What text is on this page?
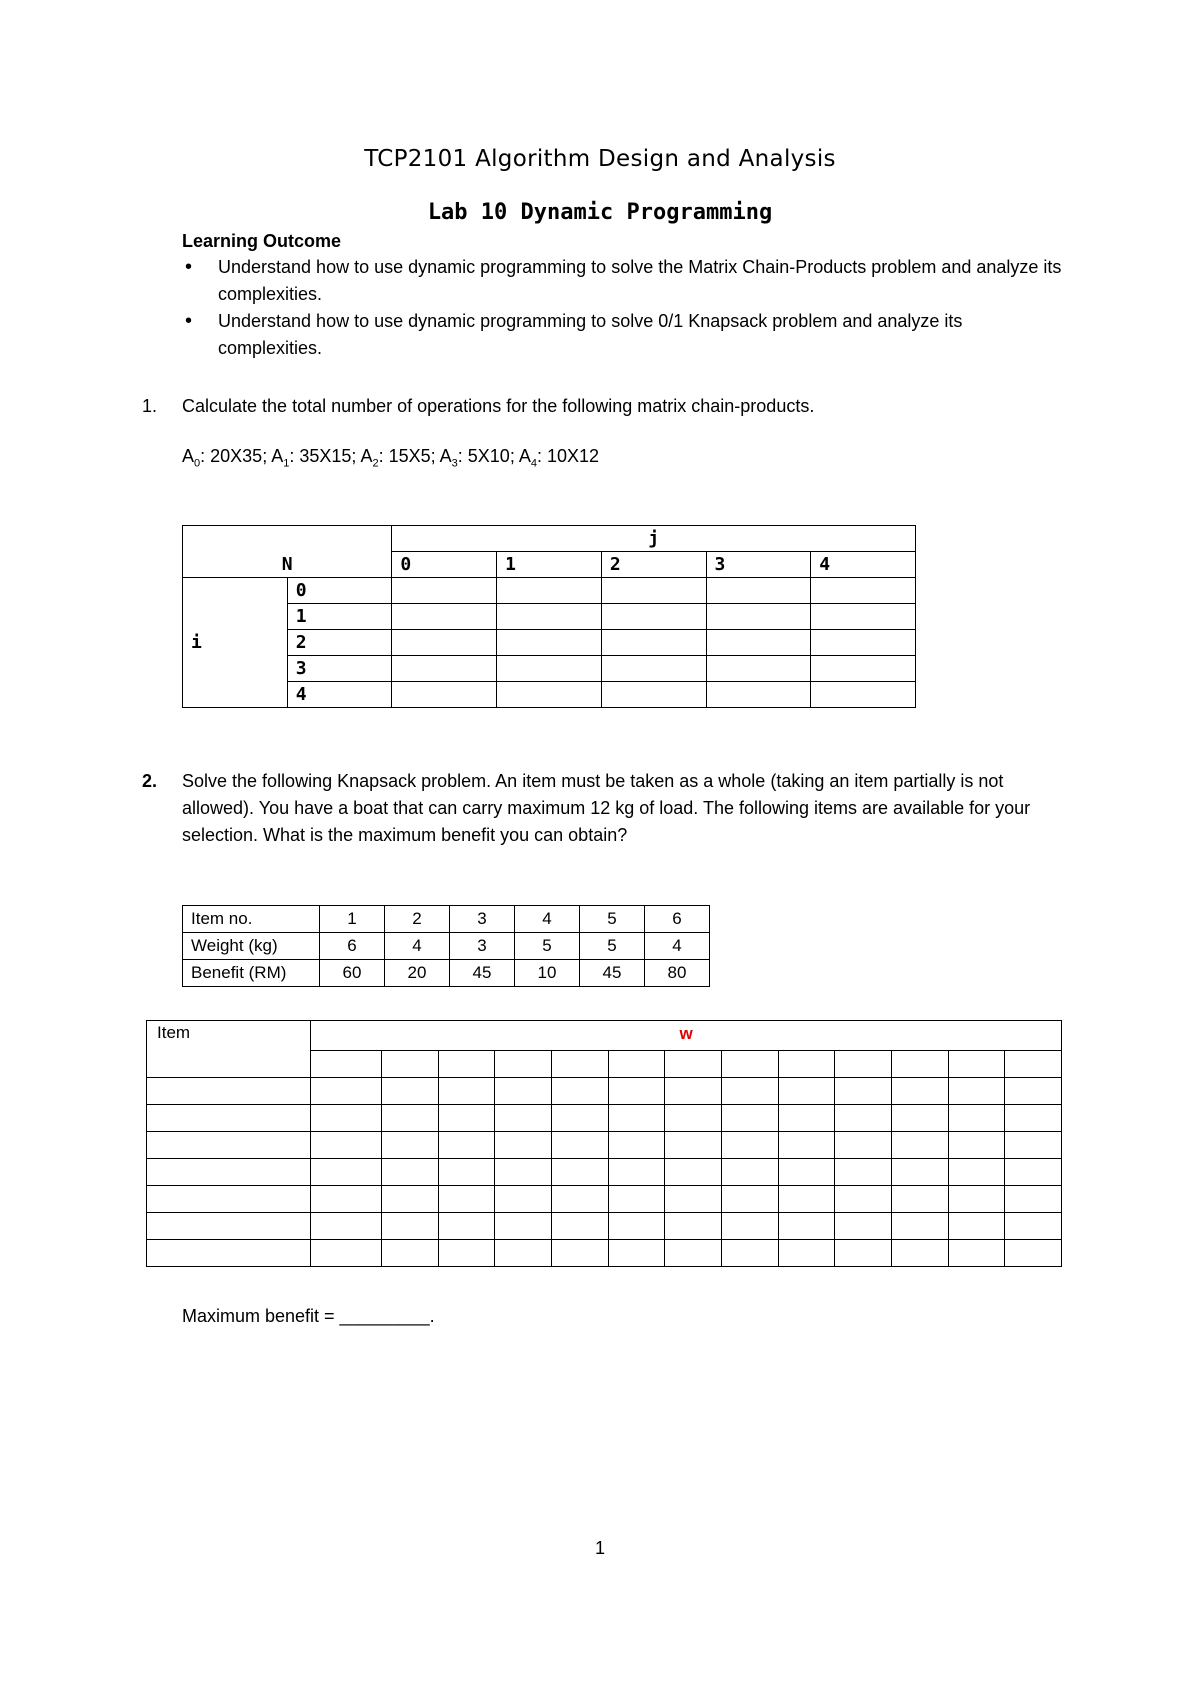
TCP2101 Algorithm Design and Analysis
Lab 10 Dynamic Programming
Learning Outcome
• Understand how to use dynamic programming to solve the Matrix Chain-Products problem and analyze its complexities.
• Understand how to use dynamic programming to solve 0/1 Knapsack problem and analyze its complexities.
1. Calculate the total number of operations for the following matrix chain-products.
$A_0$: 20X35; $A_1$: 35X15; $A_2$: 15X5; $A_3$: 5X10; $A_4$: 10X12
		j				
N		0	1	2	3	4
i	0					
	1					
	2					
	3					
	4					
2. Solve the following Knapsack problem. An item must be taken as a whole (taking an item partially is not allowed). You have a boat that can carry maximum 12 kg of load. The following items are available for your selection. What is the maximum benefit you can obtain?
Item no.	1	2	3	4	5	6
Weight (kg)	6	4	3	5	5	4
Benefit (RM)	60	20	45	10	45	80
Item	w												

Maximum benefit = _________.
1
